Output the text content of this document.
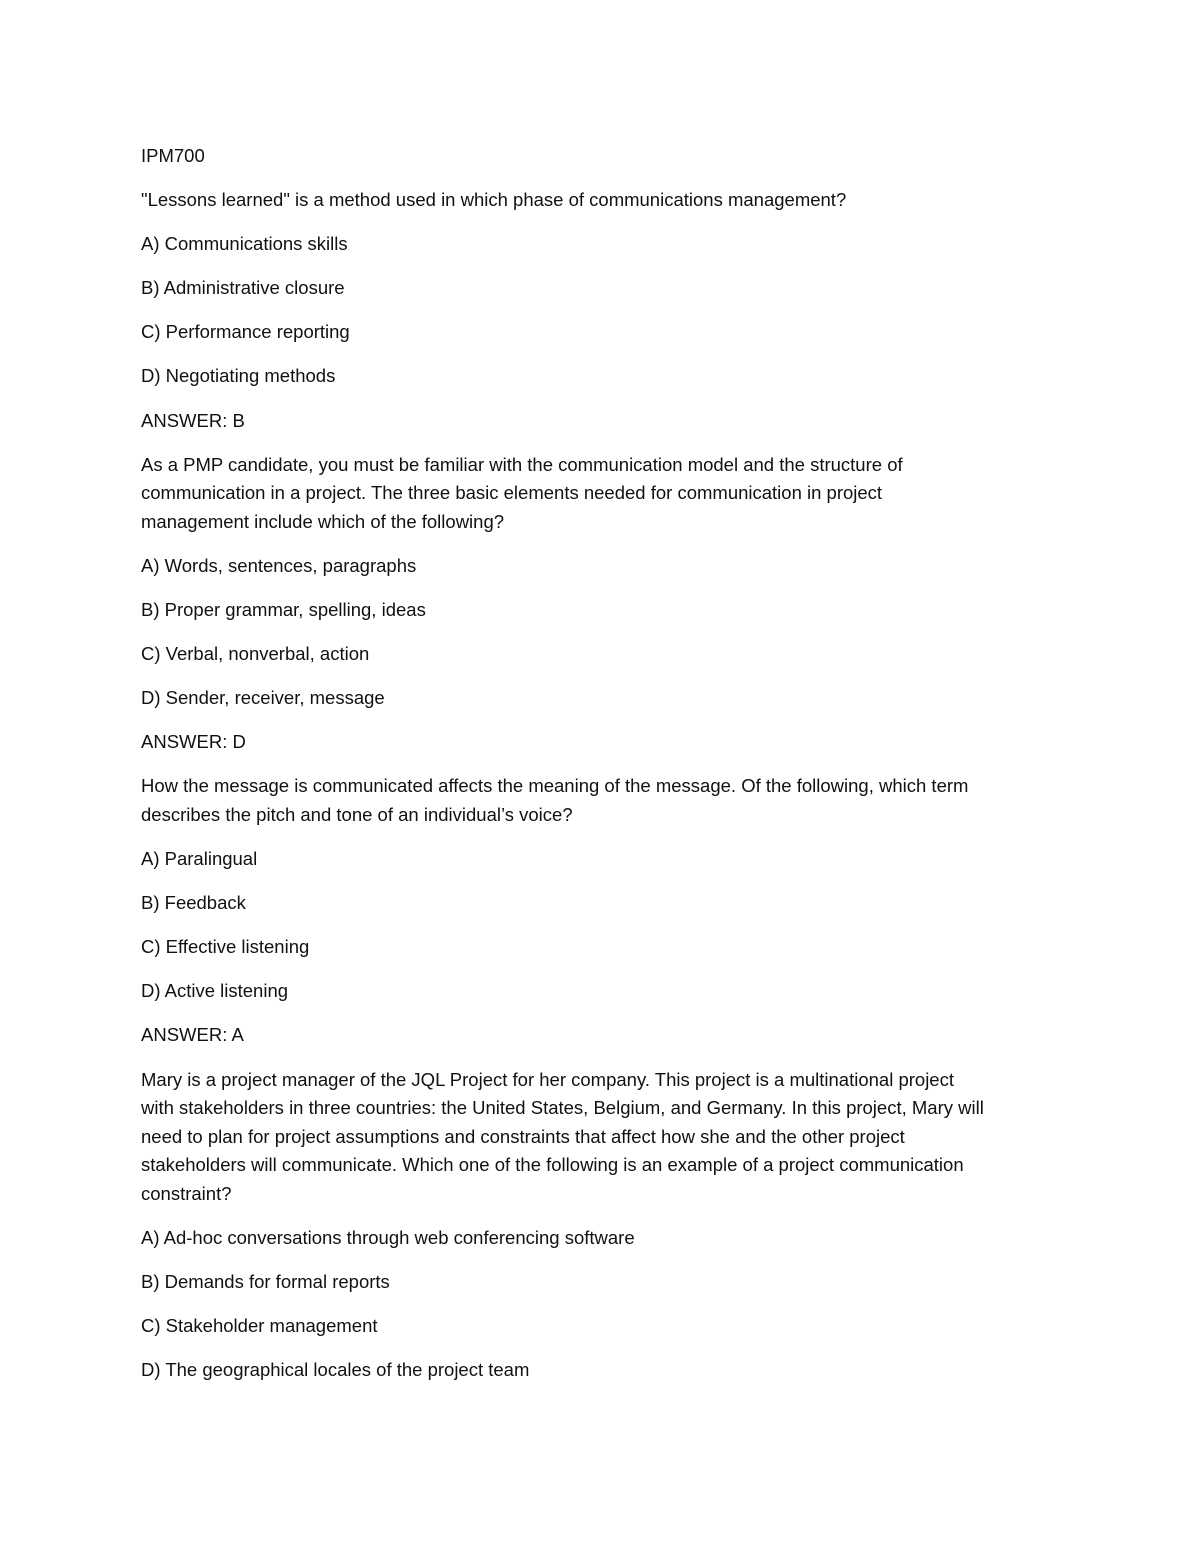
IPM700

"Lessons learned" is a method used in which phase of communications management?

A) Communications skills

B) Administrative closure

C) Performance reporting

D) Negotiating methods

ANSWER: B

As a PMP candidate, you must be familiar with the communication model and the structure of
communication in a project. The three basic elements needed for communication in project
management include which of the following?

A) Words, sentences, paragraphs

B) Proper grammar, spelling, ideas

C) Verbal, nonverbal, action

D) Sender, receiver, message

ANSWER: D

How the message is communicated affects the meaning of the message. Of the following, which term
describes the pitch and tone of an individual’s voice?

A) Paralingual

B) Feedback

C) Effective listening

D) Active listening

ANSWER: A

Mary is a project manager of the JQL Project for her company. This project is a multinational project
with stakeholders in three countries: the United States, Belgium, and Germany. In this project, Mary will
need to plan for project assumptions and constraints that affect how she and the other project
stakeholders will communicate. Which one of the following is an example of a project communication
constraint?

A) Ad-hoc conversations through web conferencing software

B) Demands for formal reports

C) Stakeholder management

D) The geographical locales of the project team
